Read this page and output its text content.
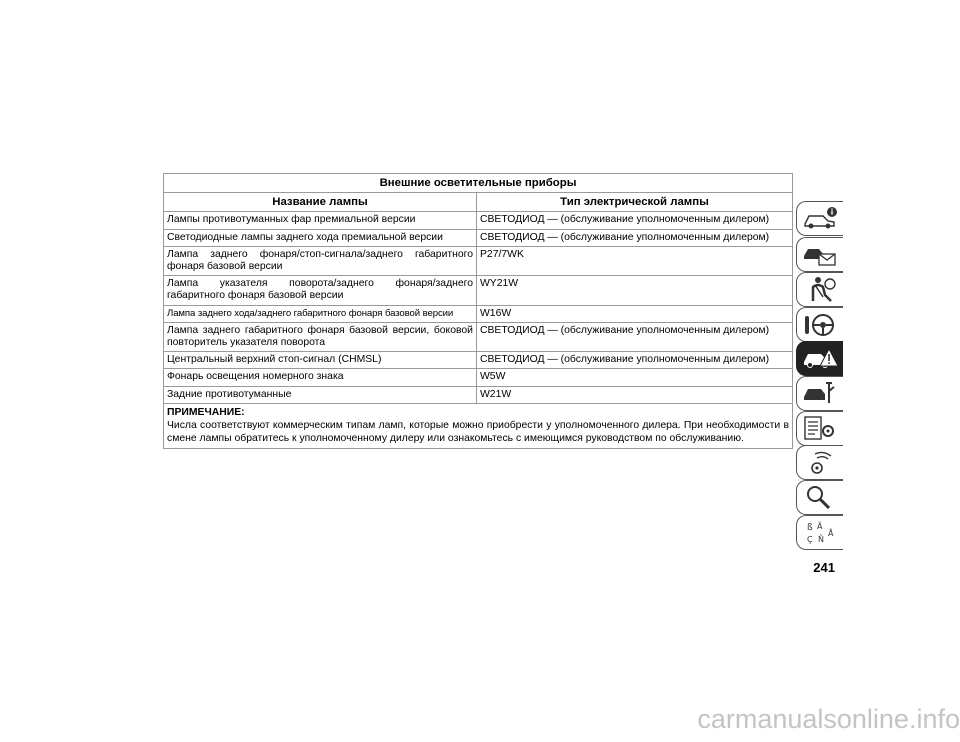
Внешние осветительные приборы	
Название лампы	Тип электрической лампы
Лампы противотуманных фар премиальной версии	СВЕТОДИОД — (обслуживание уполномоченным дилером)
Светодиодные лампы заднего хода премиальной версии	СВЕТОДИОД — (обслуживание уполномоченным дилером)
Лампа заднего фонаря/стоп-сигнала/заднего габаритного фонаря базовой версии	P27/7WK
Лампа указателя поворота/заднего фонаря/заднего габаритного фонаря базовой версии	WY21W
Лампа заднего хода/заднего габаритного фонаря базовой версии	W16W
Лампа заднего габаритного фонаря базовой версии, боковой повторитель указателя поворота	СВЕТОДИОД — (обслуживание уполномоченным дилером)
Центральный верхний стоп-сигнал (CHMSL)	СВЕТОДИОД — (обслуживание уполномоченным дилером)
Фонарь освещения номерного знака	W5W
Задние противотуманные	W21W

ПРИМЕЧАНИЕ:
Числа соответствуют коммерческим типам ламп, которые можно приобрести у уполномоченного дилера. При необходимости в смене лампы обратитесь к уполномоченному дилеру или ознакомьтесь с имеющимся руководством по обслуживанию.	
ß Ä
Ç Ñ
Å
241
carmanualsonline.info
